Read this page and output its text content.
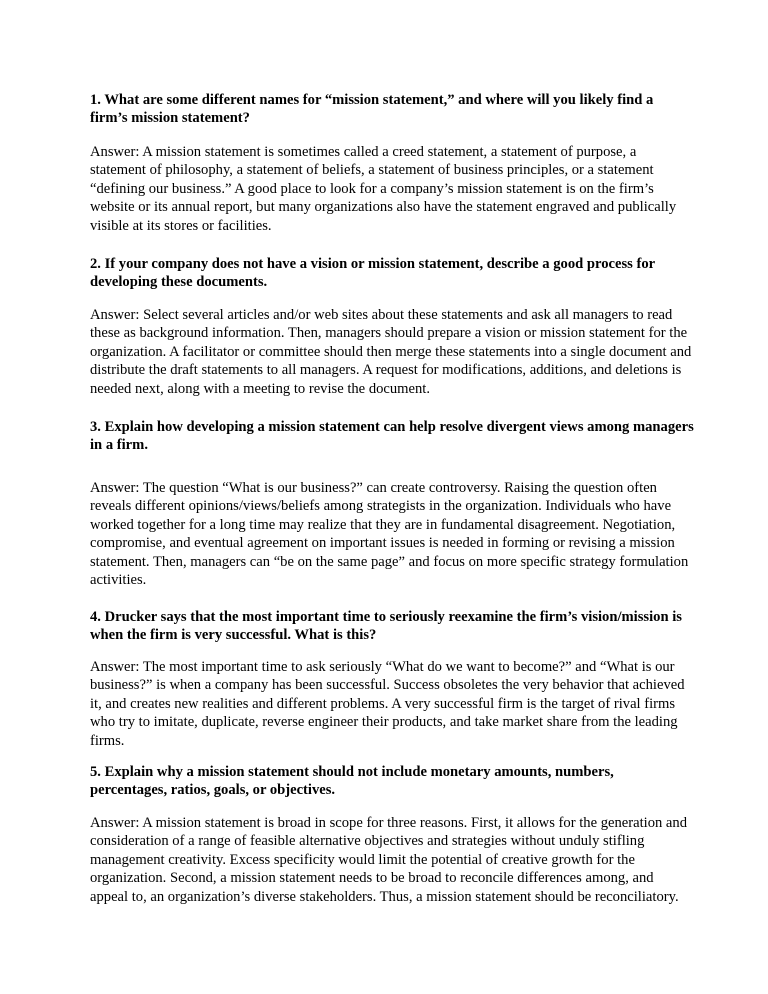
1. What are some different names for “mission statement,” and where will you likely find a
firm’s mission statement?

Answer: A mission statement is sometimes called a creed statement, a statement of purpose, a
statement of philosophy, a statement of beliefs, a statement of business principles, or a statement
“defining our business.” A good place to look for a company’s mission statement is on the firm’s
website or its annual report, but many organizations also have the statement engraved and publically
visible at its stores or facilities.

2. If your company does not have a vision or mission statement, describe a good process for
developing these documents.

Answer: Select several articles and/or web sites about these statements and ask all managers to read
these as background information. Then, managers should prepare a vision or mission statement for the
organization. A facilitator or committee should then merge these statements into a single document and
distribute the draft statements to all managers. A request for modifications, additions, and deletions is
needed next, along with a meeting to revise the document.

3. Explain how developing a mission statement can help resolve divergent views among managers
in a firm.

Answer: The question “What is our business?” can create controversy. Raising the question often
reveals different opinions/views/beliefs among strategists in the organization. Individuals who have
worked together for a long time may realize that they are in fundamental disagreement. Negotiation,
compromise, and eventual agreement on important issues is needed in forming or revising a mission
statement. Then, managers can “be on the same page” and focus on more specific strategy formulation
activities.

4. Drucker says that the most important time to seriously reexamine the firm’s vision/mission is
when the firm is very successful. What is this?

Answer: The most important time to ask seriously “What do we want to become?” and “What is our
business?” is when a company has been successful. Success obsoletes the very behavior that achieved
it, and creates new realities and different problems. A very successful firm is the target of rival firms
who try to imitate, duplicate, reverse engineer their products, and take market share from the leading
firms.

5. Explain why a mission statement should not include monetary amounts, numbers,
percentages, ratios, goals, or objectives.

Answer: A mission statement is broad in scope for three reasons. First, it allows for the generation and
consideration of a range of feasible alternative objectives and strategies without unduly stifling
management creativity. Excess specificity would limit the potential of creative growth for the
organization. Second, a mission statement needs to be broad to reconcile differences among, and
appeal to, an organization’s diverse stakeholders. Thus, a mission statement should be reconciliatory.
